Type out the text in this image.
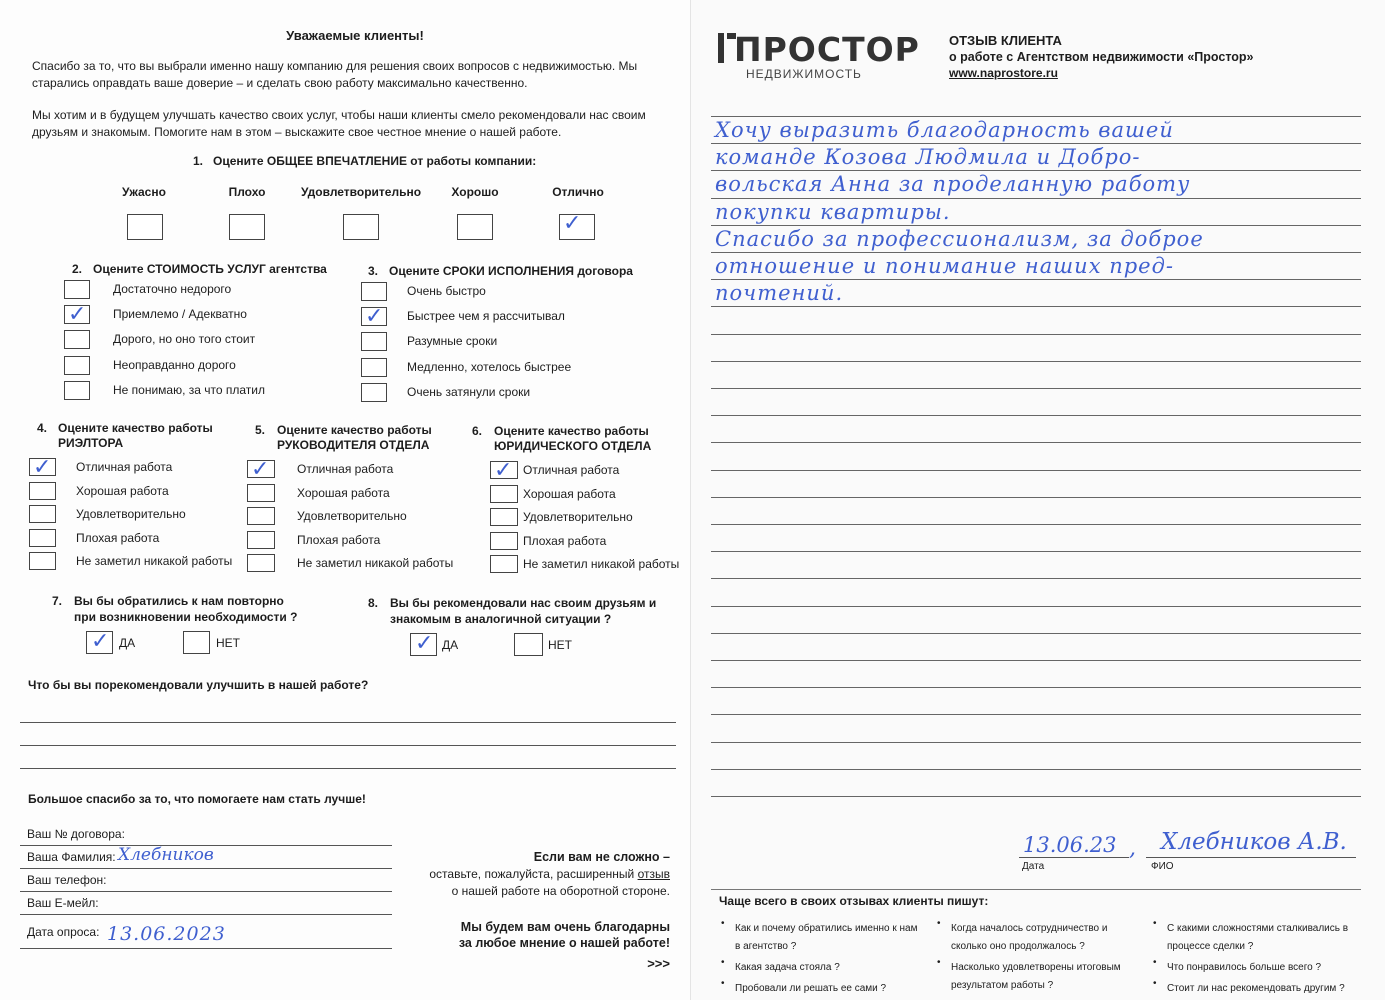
Уважаемые клиенты!
Спасибо за то, что вы выбрали именно нашу компанию для решения своих вопросов с недвижимостью. Мы старались оправдать ваше доверие – и сделать свою работу максимально качественно.
Мы хотим и в будущем улучшать качество своих услуг, чтобы наши клиенты смело рекомендовали нас своим друзьям и знакомым. Помогите нам в этом – выскажите свое честное мнение о нашей работе.
1. Оцените ОБЩЕЕ ВПЕЧАТЛЕНИЕ от работы компании:
Ужасно	Плохо	Удовлетворительно	Хорошо	Отлично
✓
2. Оцените СТОИМОСТЬ УСЛУГ агентства
Достаточно недорого
✓ Приемлемо / Адекватно
Дорого, но оно того стоит
Неоправданно дорого
Не понимаю, за что платил
3. Оцените СРОКИ ИСПОЛНЕНИЯ договора
Очень быстро
✓ Быстрее чем я рассчитывал
Разумные сроки
Медленно, хотелось быстрее
Очень затянули сроки
4. Оцените качество работы
РИЭЛТОРА
✓ Отличная работа
Хорошая работа
Удовлетворительно
Плохая работа
Не заметил никакой работы
5. Оцените качество работы
РУКОВОДИТЕЛЯ ОТДЕЛА
✓ Отличная работа
Хорошая работа
Удовлетворительно
Плохая работа
Не заметил никакой работы
6. Оцените качество работы
ЮРИДИЧЕСКОГО ОТДЕЛА
✓ Отличная работа
Хорошая работа
Удовлетворительно
Плохая работа
Не заметил никакой работы
7. Вы бы обратились к нам повторно
при возникновении необходимости ?
✓ ДА	НЕТ
8. Вы бы рекомендовали нас своим друзьям и
знакомым в аналогичной ситуации ?
✓ ДА	НЕТ
Что бы вы порекомендовали улучшить в нашей работе?
Большое спасибо за то, что помогаете нам стать лучше!
Ваш № договора:
Ваша Фамилия: Хлебников
Ваш телефон:
Ваш Е-мейл:
Дата опроса: 13.06.2023
Если вам не сложно –
оставьте, пожалуйста, расширенный отзыв
о нашей работе на оборотной стороне.
Мы будем вам очень благодарны
за любое мнение о нашей работе!
>>>
ПРОСТОР
НЕДВИЖИМОСТЬ
ОТЗЫВ КЛИЕНТА
о работе с Агентством недвижимости «Простор»
www.naprostore.ru
Хочу выразить благодарность вашей
команде Козова Людмила и Добро-
вольская Анна за проделанную работу
покупки квартиры.
Спасибо за профессионализм, за доброе
отношение и понимание наших пред-
почтений.
13.06.23 ,
Дата
Хлебников А.В.
ФИО
Чаще всего в своих отзывах клиенты пишут:
• Как и почему обратились именно к нам в агентство ?
• Какая задача стояла ?
• Пробовали ли решать ее сами ?
• Когда началось сотрудничество и сколько оно продолжалось ?
• Насколько удовлетворены итоговым результатом работы ?
• С какими сложностями сталкивались в процессе сделки ?
• Что понравилось больше всего ?
• Стоит ли нас рекомендовать другим ?
